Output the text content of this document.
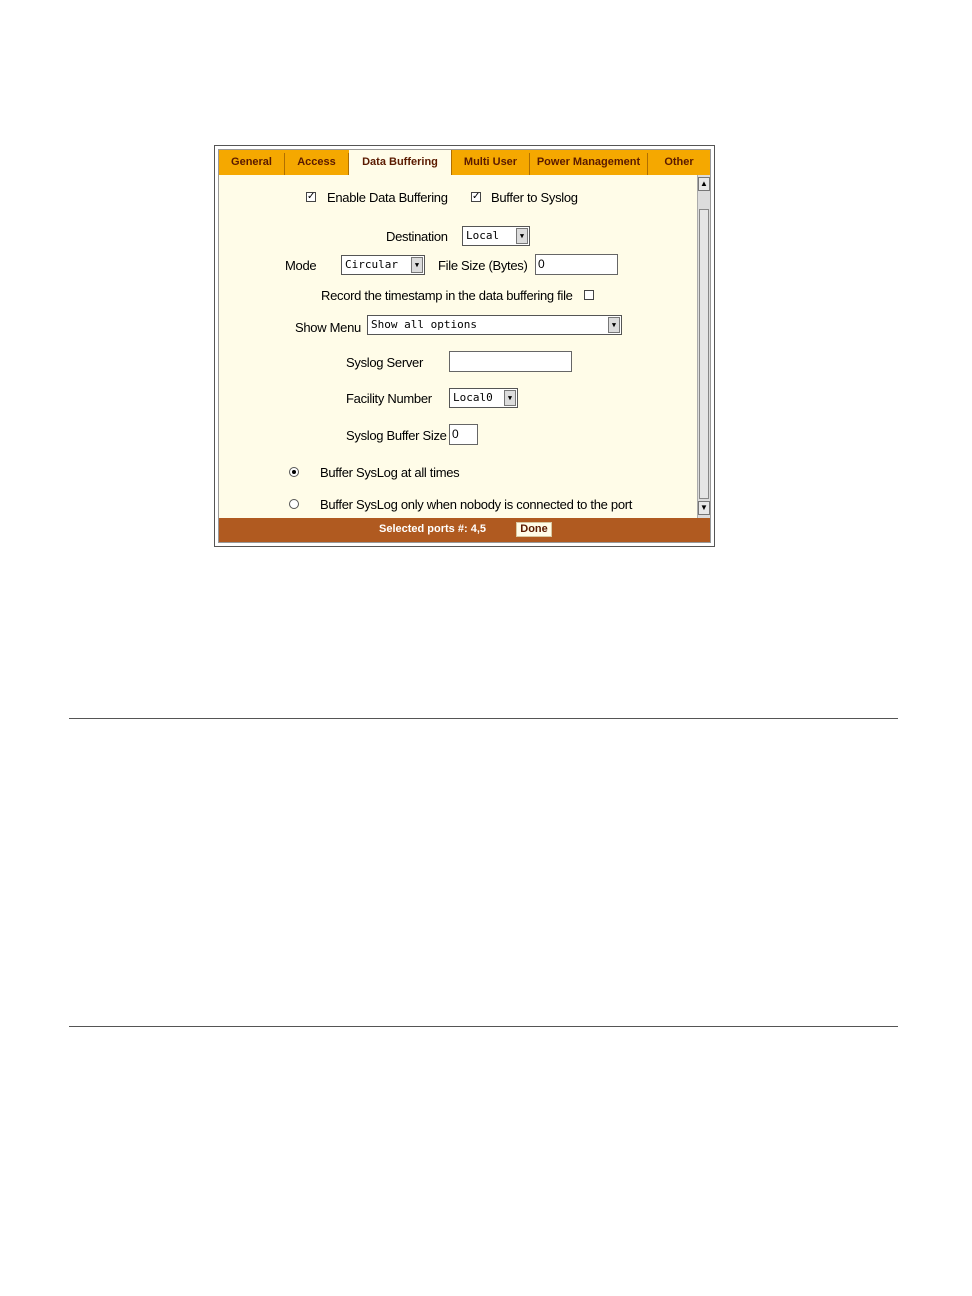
General	Access	Data Buffering	Multi User	Power Management	Other
✓ Enable Data Buffering ✓ Buffer to Syslog
Destination	Local	▼
Mode	Circular	▼ File Size (Bytes) 0
Record the timestamp in the data buffering file
Show Menu Show all options	▼
Syslog Server
Facility Number	Local0	▼
Syslog Buffer Size 0
Buffer SysLog at all times
Buffer SysLog only when nobody is connected to the port
▲
▼
Selected ports #: 4,5	Done
